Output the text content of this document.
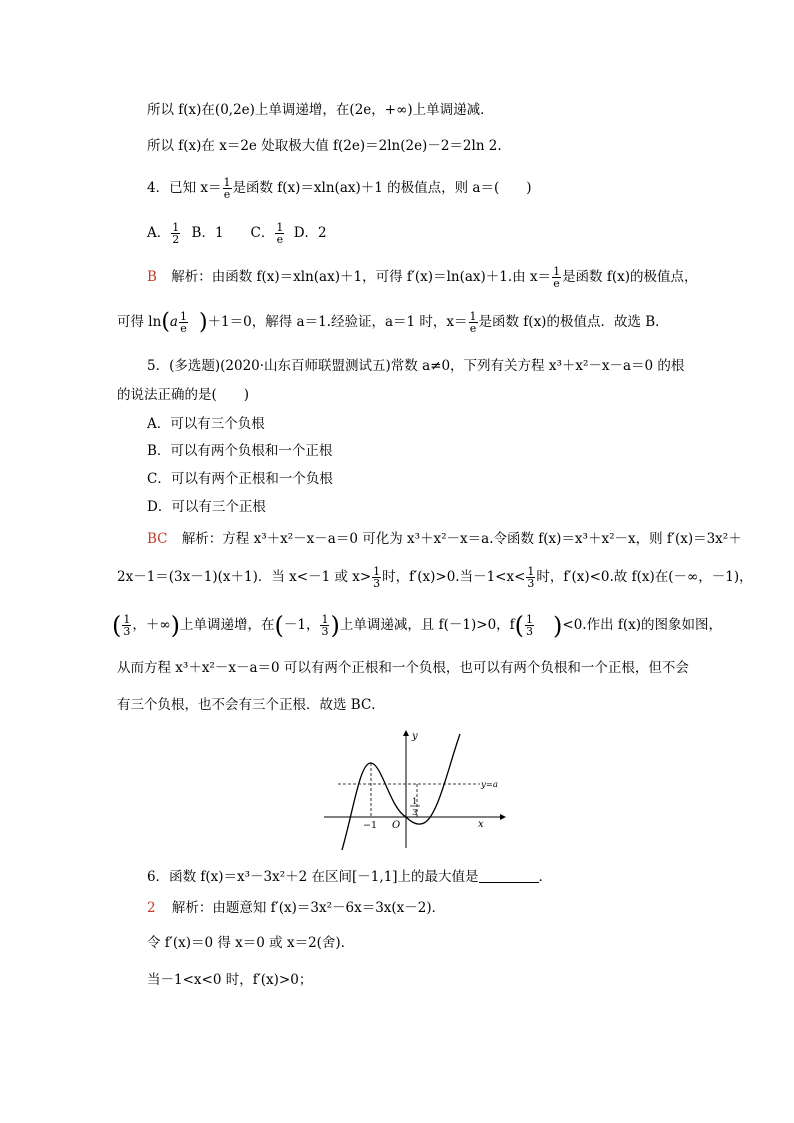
所以 f(x)在(0,2e)上单调递增，在(2e，+∞)上单调递减．
所以 f(x)在 x＝2e 处取极大值 f(2e)＝2ln(2e)－2＝2ln 2.
4．已知 $x= \frac{1}{e}$ 是函数 f(x)＝xln(ax)＋1 的极值点，则 a＝(　　)
A． $\frac{1}{2}$ B．1　　C． $\frac{1}{e}$ D．2
B 解析：由函数 f(x)＝xln(ax)＋1，可得 f′(x)＝ln(ax)＋1.由 $x= \frac{1}{e}$ 是函数 f(x)的极值点，
可得 $\ln(a \frac{1}{e} )+1=0$，解得 a＝1.经验证，a＝1 时，$x= \frac{1}{e}$ 是函数 f(x)的极值点．故选 B．
5．(多选题)(2020·山东百师联盟测试五)常数 a≠0，下列有关方程 x³＋x²－x－a＝0 的根
的说法正确的是(　　)
A．可以有三个负根
B．可以有两个负根和一个正根
C．可以有两个正根和一个负根
D．可以有三个正根
BC 解析：方程 x³＋x²－x－a＝0 可化为 x³＋x²－x＝a.令函数 f(x)＝x³＋x²－x，则 f′(x)＝3x²＋
2x－1＝(3x－1)(x＋1)．当 x<－1 或 $x> \frac{1}{3}$ 时，f′(x)>0.当$-1<x< \frac{1}{3}$ 时，f′(x)<0.故 f(x)在(－∞，－1)，
( $\frac{1}{3}$ ，＋∞)上单调递增，在(－1， $\frac{1}{3}$ )上单调递减，且 f(－1)>0，$f( \frac{1}{3} )<0$.作出 f(x)的图象如图，
从而方程 x³＋x²－x－a＝0 可以有两个正根和一个负根，也可以有两个负根和一个正根，但不会
有三个负根，也不会有三个正根．故选 BC．
y
x
y=a
−1 O
1
3
6．函数 f(x)＝x³－3x²＋2 在区间[－1,1]上的最大值是	．
2 解析：由题意知 f′(x)＝3x²－6x＝3x(x－2)．
令 f′(x)＝0 得 x＝0 或 x＝2(舍)．
当－1<x<0 时，f′(x)>0；
